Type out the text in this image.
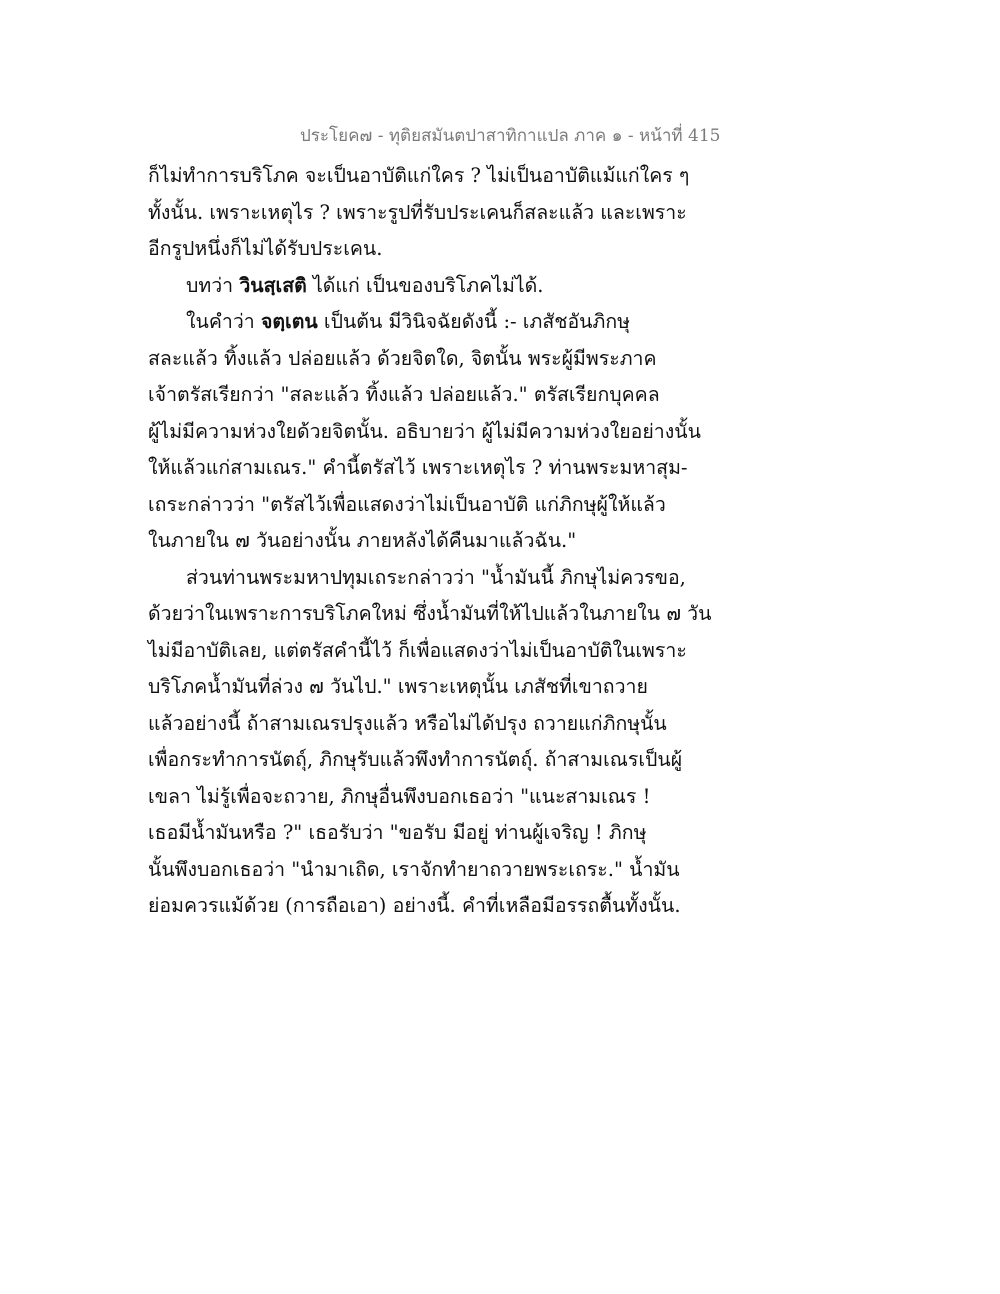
ประโยค๗ - ทุติยสมันตปาสาทิกาแปล ภาค ๑ - หน้าที่ 415
ก็ไม่ทำการบริโภค จะเป็นอาบัติแก่ใคร ? ไม่เป็นอาบัติแม้แก่ใคร ๆ
ทั้งนั้น. เพราะเหตุไร ? เพราะรูปที่รับประเคนก็สละแล้ว และเพราะ
อีกรูปหนึ่งก็ไม่ได้รับประเคน.
บทว่า วินสฺเสติ ได้แก่ เป็นของบริโภคไม่ได้.
ในคำว่า จตฺเตน เป็นต้น มีวินิจฉัยดังนี้ :- เภสัชอันภิกษุ
สละแล้ว ทิ้งแล้ว ปล่อยแล้ว ด้วยจิตใด, จิตนั้น พระผู้มีพระภาค
เจ้าตรัสเรียกว่า "สละแล้ว ทิ้งแล้ว ปล่อยแล้ว." ตรัสเรียกบุคคล
ผู้ไม่มีความห่วงใยด้วยจิตนั้น. อธิบายว่า ผู้ไม่มีความห่วงใยอย่างนั้น
ให้แล้วแก่สามเณร." คำนี้ตรัสไว้ เพราะเหตุไร ? ท่านพระมหาสุม-
เถระกล่าวว่า "ตรัสไว้เพื่อแสดงว่าไม่เป็นอาบัติ แก่ภิกษุผู้ให้แล้ว
ในภายใน ๗ วันอย่างนั้น ภายหลังได้คืนมาแล้วฉัน."
ส่วนท่านพระมหาปทุมเถระกล่าวว่า "น้ำมันนี้ ภิกษุไม่ควรขอ,
ด้วยว่าในเพราะการบริโภคใหม่ ซึ่งน้ำมันที่ให้ไปแล้วในภายใน ๗ วัน
ไม่มีอาบัติเลย, แต่ตรัสคำนี้ไว้ ก็เพื่อแสดงว่าไม่เป็นอาบัติในเพราะ
บริโภคน้ำมันที่ล่วง ๗ วันไป." เพราะเหตุนั้น เภสัชที่เขาถวาย
แล้วอย่างนี้ ถ้าสามเณรปรุงแล้ว หรือไม่ได้ปรุง ถวายแก่ภิกษุนั้น
เพื่อกระทำการนัตถุ์, ภิกษุรับแล้วพึงทำการนัตถุ์. ถ้าสามเณรเป็นผู้
เขลา ไม่รู้เพื่อจะถวาย, ภิกษุอื่นพึงบอกเธอว่า "แนะสามเณร !
เธอมีน้ำมันหรือ ?" เธอรับว่า "ขอรับ มีอยู่ ท่านผู้เจริญ ! ภิกษุ
นั้นพึงบอกเธอว่า "นำมาเถิด, เราจักทำยาถวายพระเถระ." น้ำมัน
ย่อมควรแม้ด้วย (การถือเอา) อย่างนี้. คำที่เหลือมีอรรถตื้นทั้งนั้น.
